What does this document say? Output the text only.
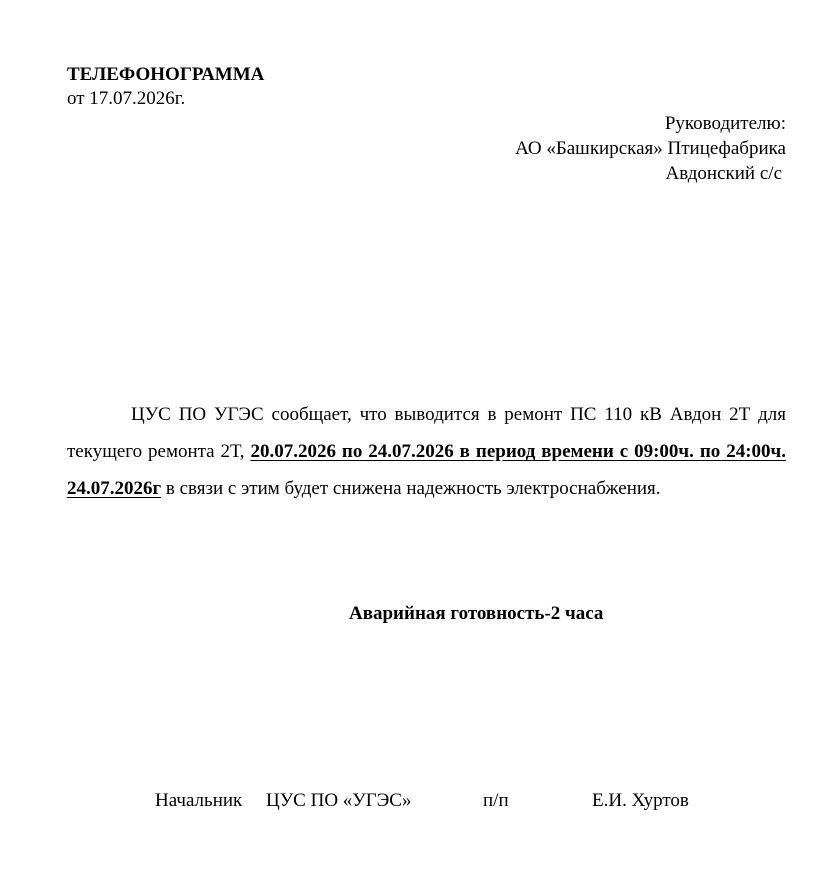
ТЕЛЕФОНОГРАММА
от 17.07.2026г.
Руководителю:
АО «Башкирская» Птицефабрика
Авдонский с/с

ЦУС ПО УГЭС сообщает, что выводится в ремонт ПС 110 кВ Авдон 2Т для текущего ремонта 2Т, 20.07.2026 по 24.07.2026 в период времени с 09:00ч. по 24:00ч. 24.07.2026г в связи с этим будет снижена надежность электроснабжения.

Аварийная готовность-2 часа
Начальник ЦУС ПО «УГЭС»	п/п	Е.И. Хуртов
